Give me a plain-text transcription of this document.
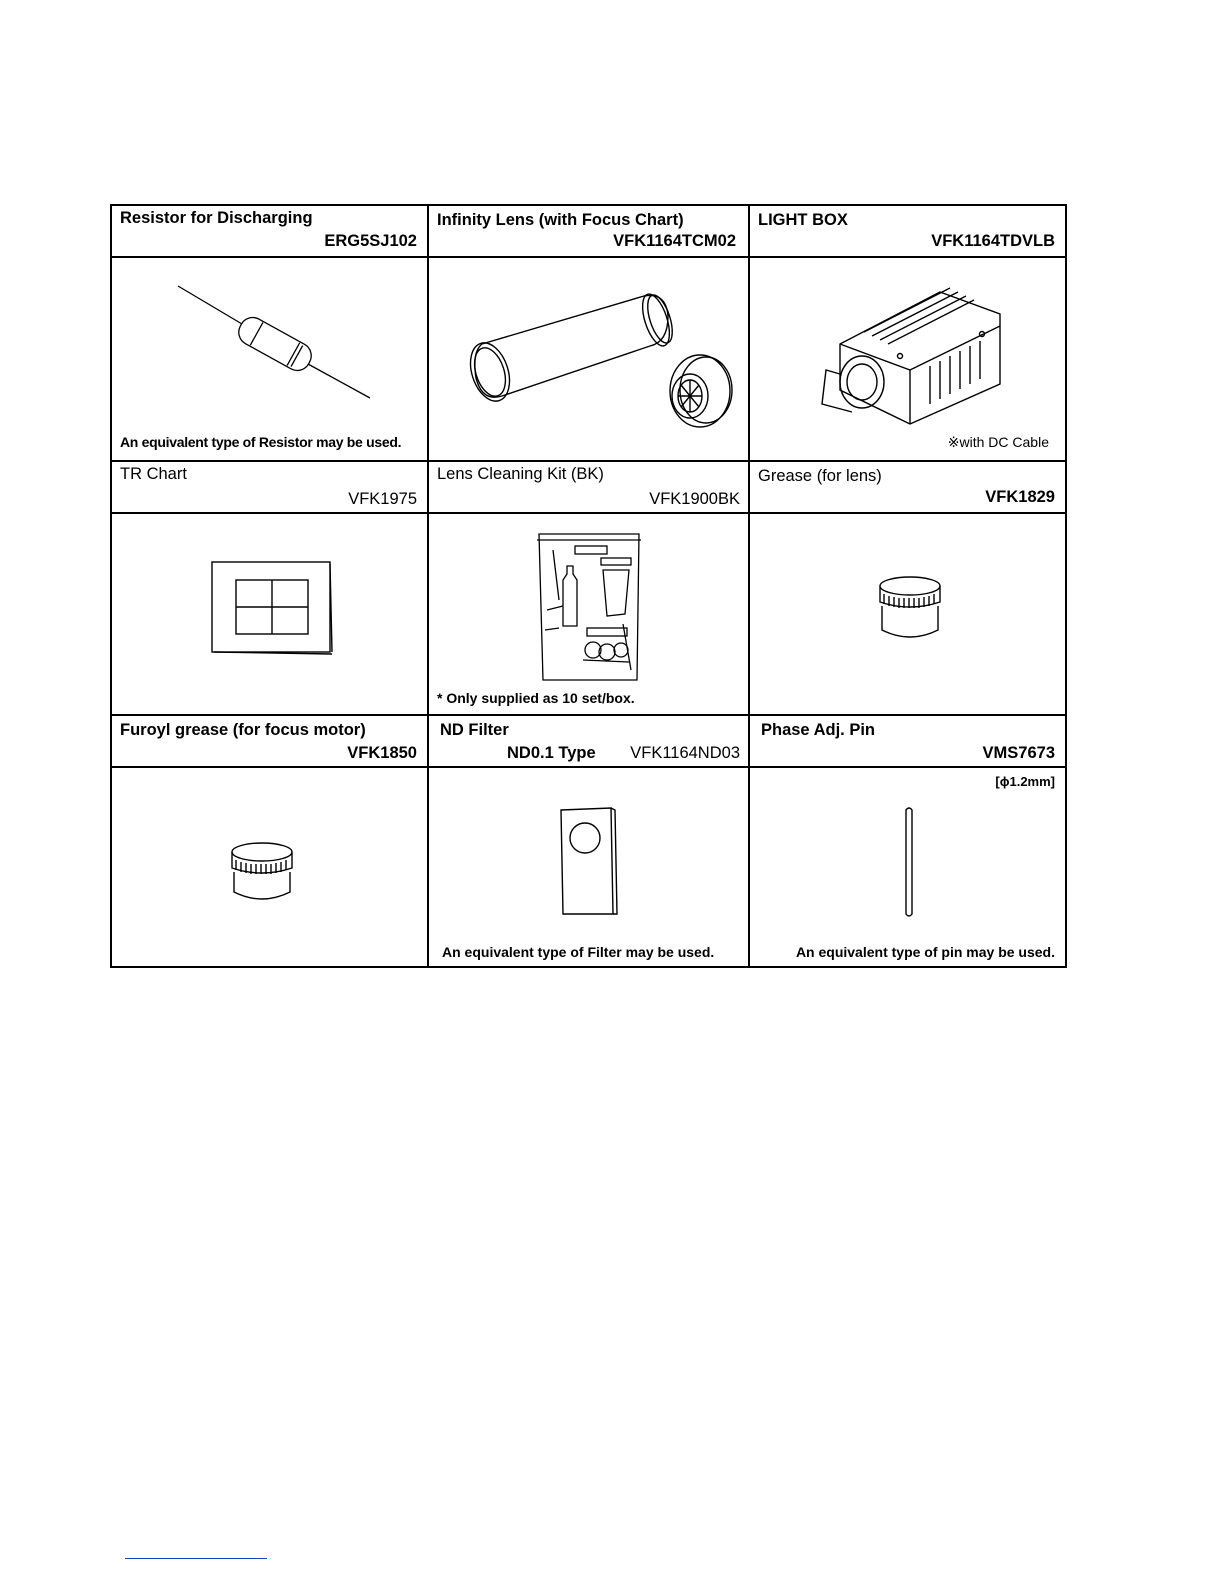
Resistor for Discharging
ERG5SJ102
Infinity Lens (with Focus Chart)
VFK1164TCM02
LIGHT BOX
VFK1164TDVLB
An equivalent type of Resistor may be used.	※with DC Cable
TR Chart
VFK1975
Lens Cleaning Kit (BK)
VFK1900BK
Grease (for lens)
VFK1829
* Only supplied as 10 set/box.
Furoyl grease (for focus motor)
VFK1850
ND Filter
ND0.1 Type VFK1164ND03
Phase Adj. Pin
VMS7673
An equivalent type of Filter may be used.
[ϕ1.2mm]
An equivalent type of pin may be used.
